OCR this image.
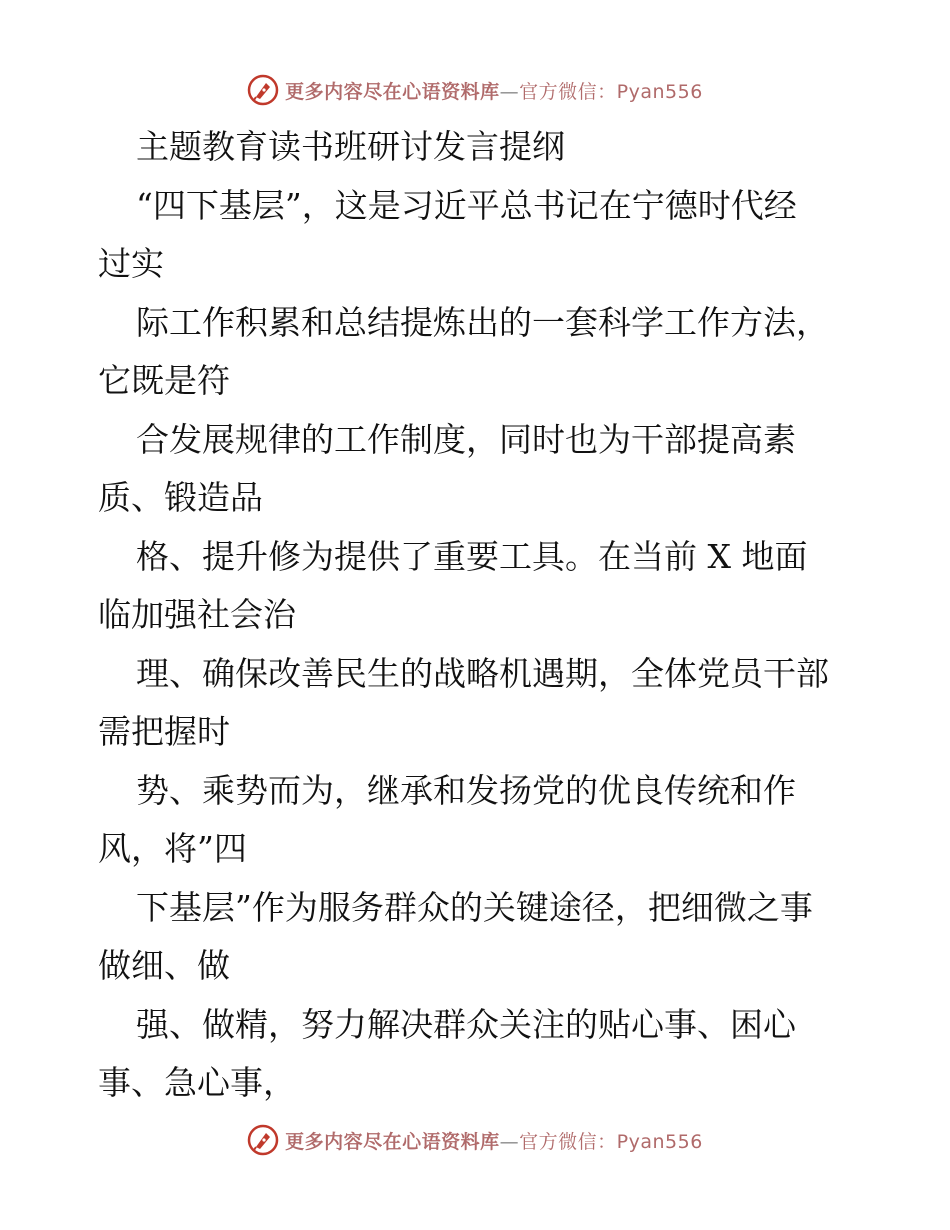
更多内容尽在心语资料库—官方微信：Pyan556
主题教育读书班研讨发言提纲
“四下基层”，这是习近平总书记在宁德时代经
过实
际工作积累和总结提炼出的一套科学工作方法，
它既是符
合发展规律的工作制度，同时也为干部提高素
质、锻造品
格、提升修为提供了重要工具。在当前 X 地面
临加强社会治
理、确保改善民生的战略机遇期，全体党员干部
需把握时
势、乘势而为，继承和发扬党的优良传统和作
风，将”四
下基层”作为服务群众的关键途径，把细微之事
做细、做
强、做精，努力解决群众关注的贴心事、困心
事、急心事，
更多内容尽在心语资料库—官方微信：Pyan556
